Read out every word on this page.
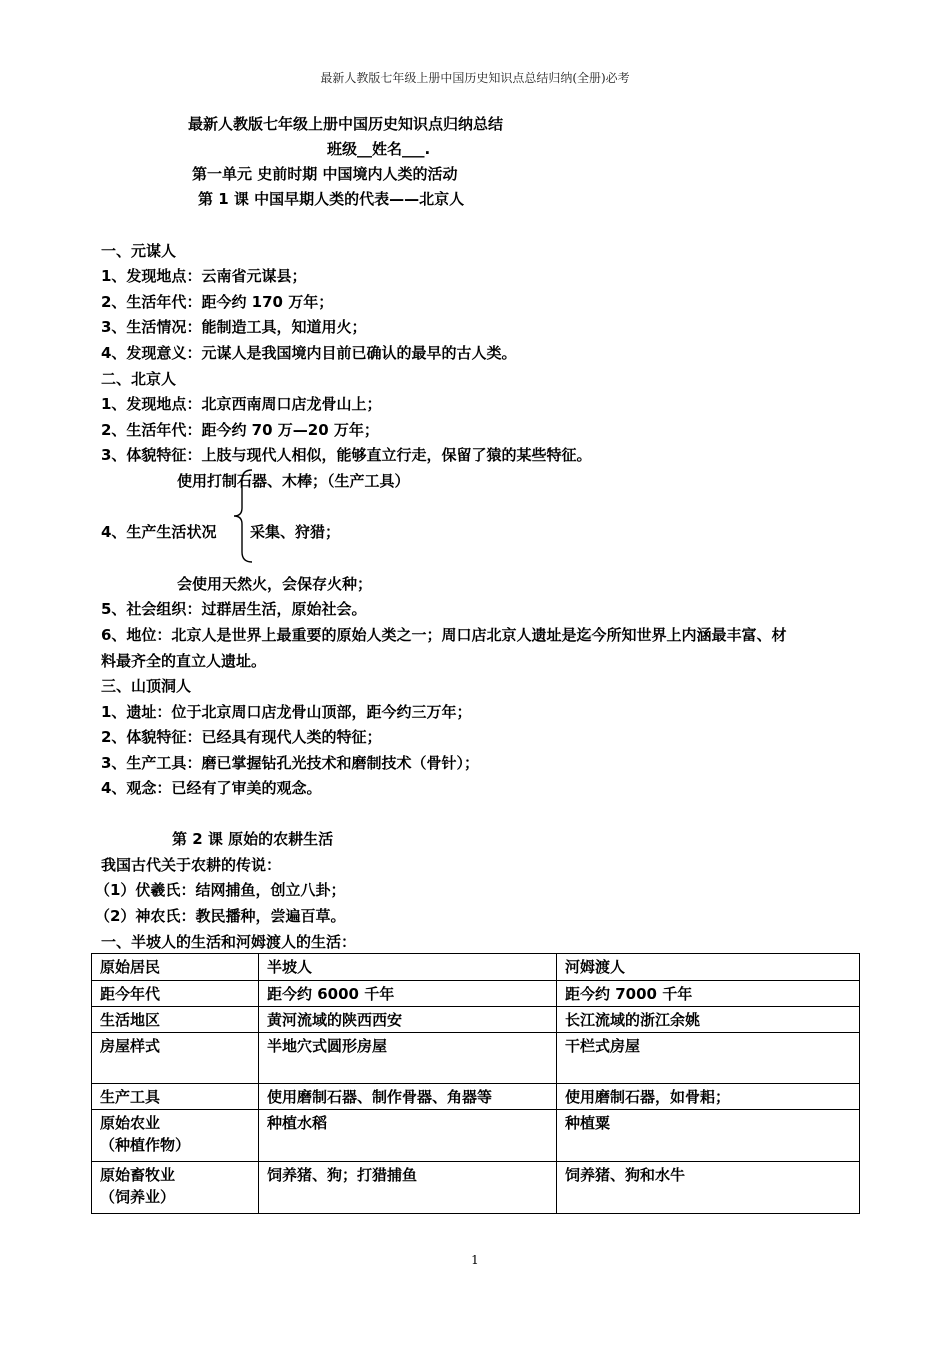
最新人教版七年级上册中国历史知识点总结归纳(全册)必考
最新人教版七年级上册中国历史知识点归纳总结
班级__姓名___.
第一单元 史前时期 中国境内人类的活动
第 1 课 中国早期人类的代表——北京人
一、元谋人
1、发现地点：云南省元谋县；
2、生活年代：距今约 170 万年；
3、生活情况：能制造工具，知道用火；
4、发现意义：元谋人是我国境内目前已确认的最早的古人类。
二、北京人
1、发现地点：北京西南周口店龙骨山上；
2、生活年代：距今约 70 万—20 万年；
3、体貌特征：上肢与现代人相似，能够直立行走，保留了猿的某些特征。
使用打制石器、木棒；（生产工具）
4、生产生活状况 采集、狩猎；
会使用天然火，会保存火种；
5、社会组织：过群居生活，原始社会。
6、地位：北京人是世界上最重要的原始人类之一；周口店北京人遗址是迄今所知世界上内涵最丰富、材
料最齐全的直立人遗址。
三、山顶洞人
1、遗址：位于北京周口店龙骨山顶部，距今约三万年；
2、体貌特征：已经具有现代人类的特征；
3、生产工具：磨已掌握钻孔光技术和磨制技术（骨针）；
4、观念：已经有了审美的观念。
第 2 课 原始的农耕生活
我国古代关于农耕的传说：
（1）伏羲氏：结网捕鱼，创立八卦；
（2）神农氏：教民播种，尝遍百草。
一、半坡人的生活和河姆渡人的生活：
原始居民	半坡人	河姆渡人
距今年代	距今约 6000 千年	距今约 7000 千年
生活地区	黄河流域的陕西西安	长江流域的浙江余姚
房屋样式	半地穴式圆形房屋	干栏式房屋
生产工具	使用磨制石器、制作骨器、角器等	使用磨制石器，如骨耜；
原始农业
（种植作物）	种植水稻	种植粟
原始畜牧业
（饲养业）	饲养猪、狗；打猎捕鱼	饲养猪、狗和水牛
1
